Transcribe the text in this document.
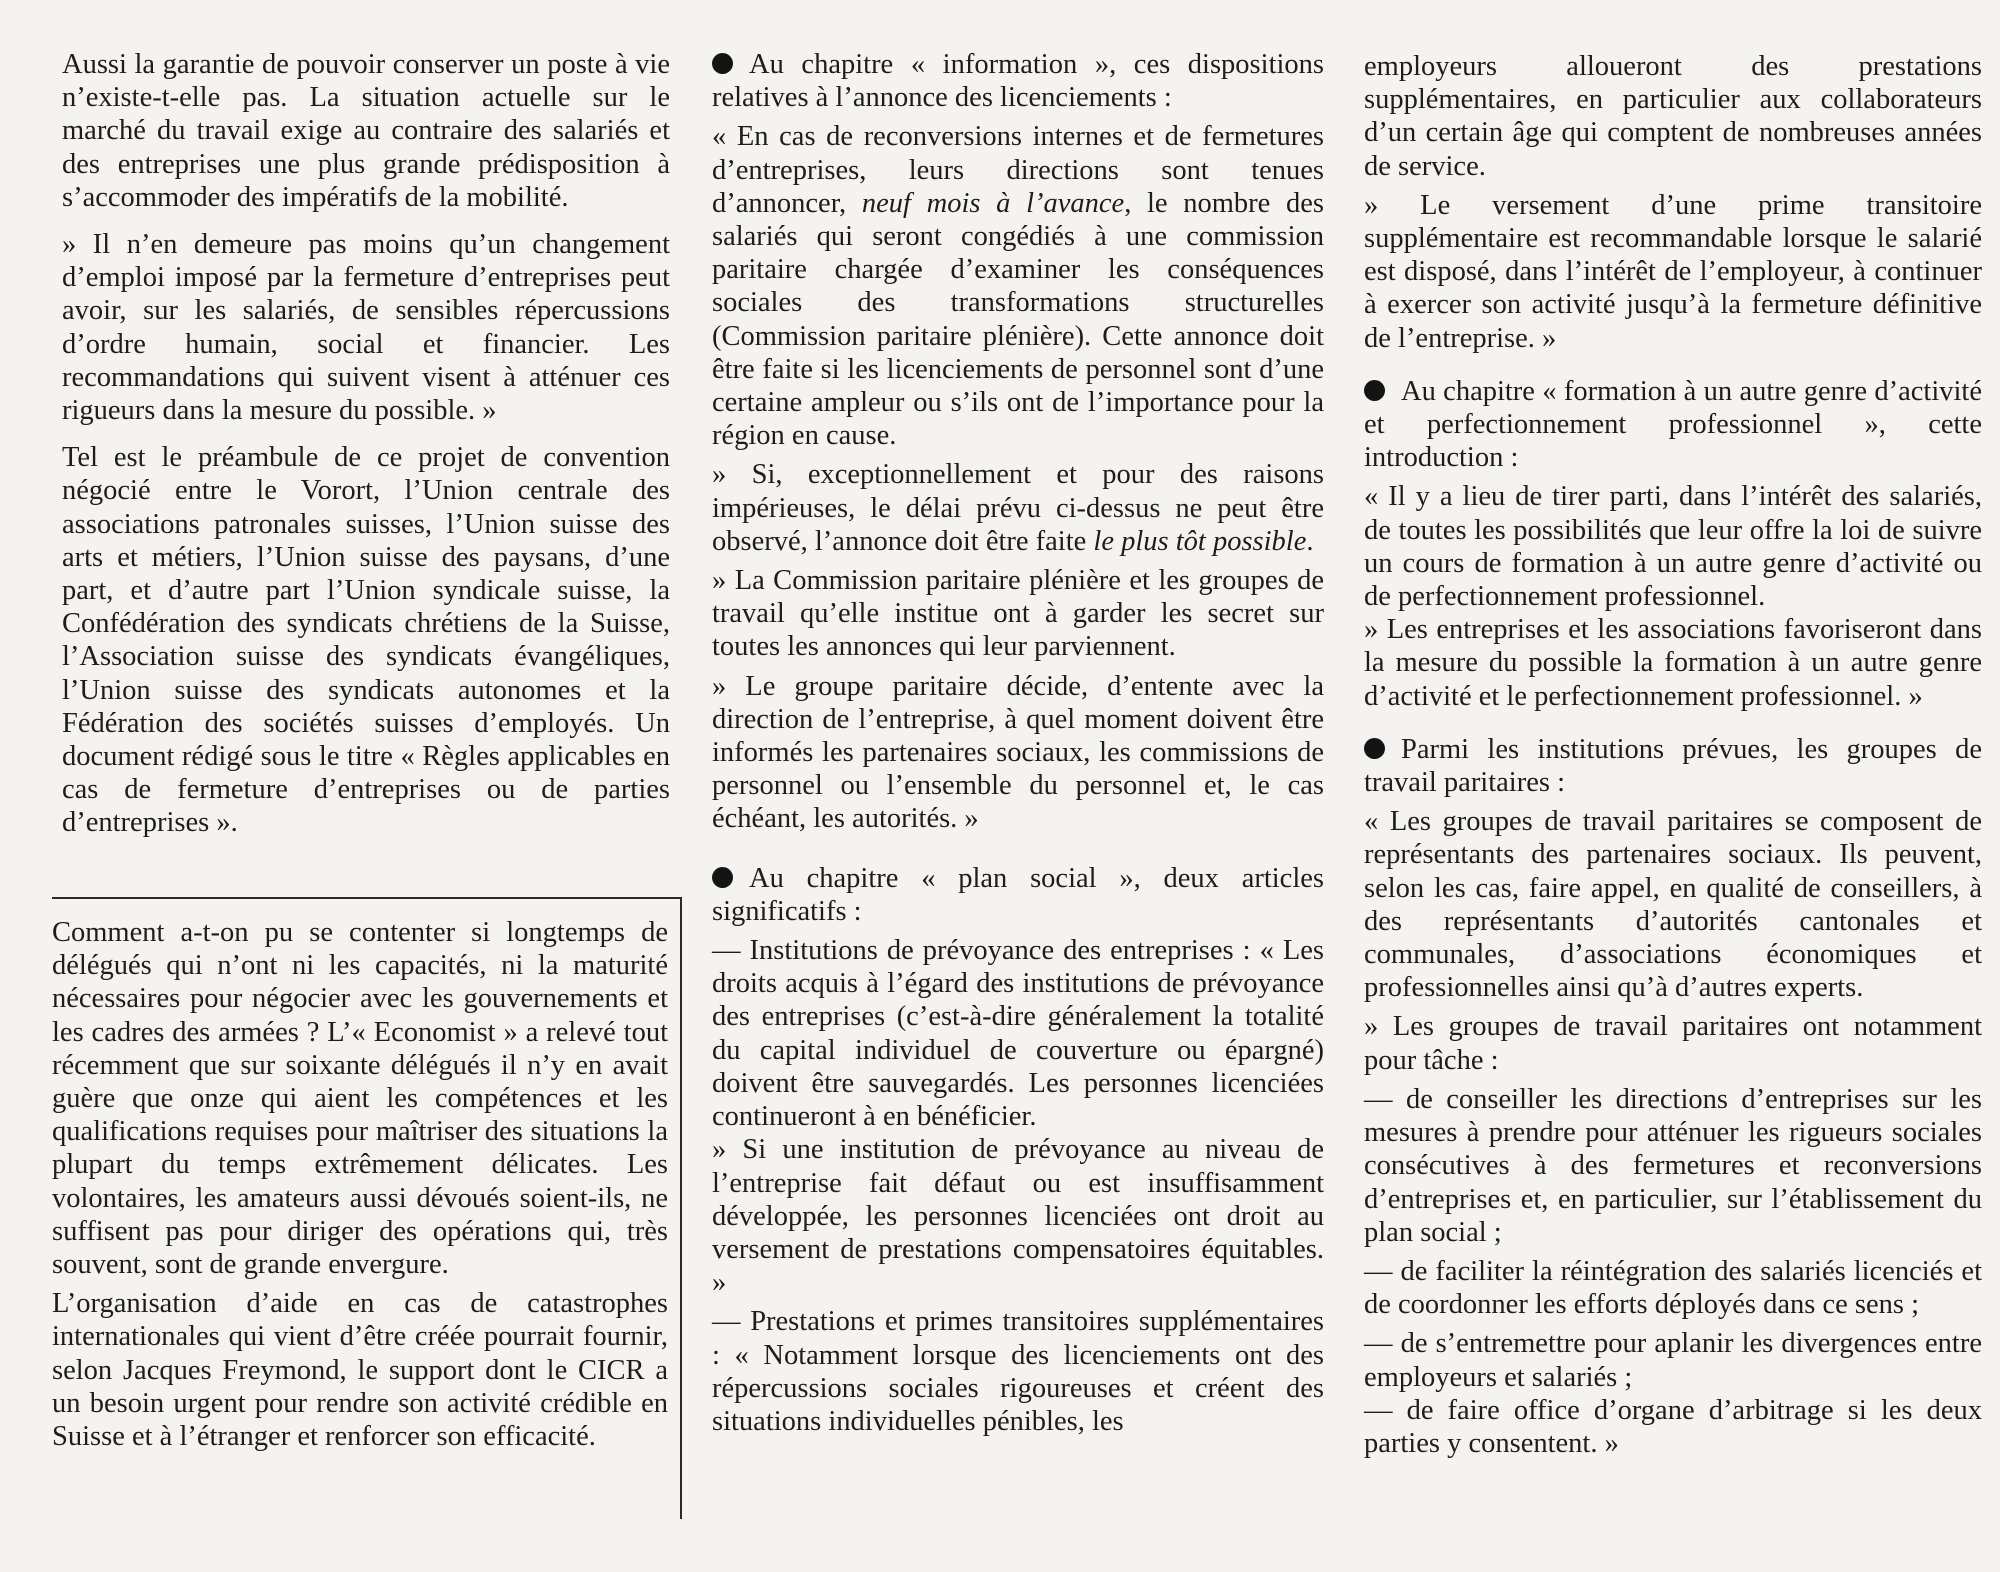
Aussi la garantie de pouvoir conserver un poste à vie n’existe-t-elle pas. La situation actuelle sur le marché du travail exige au contraire des salariés et des entreprises une plus grande prédisposition à s’accommoder des impératifs de la mobilité.

» Il n’en demeure pas moins qu’un changement d’emploi imposé par la fermeture d’entreprises peut avoir, sur les salariés, de sensibles répercussions d’ordre humain, social et financier. Les recommandations qui suivent visent à atténuer ces rigueurs dans la mesure du possible. »

Tel est le préambule de ce projet de convention négocié entre le Vorort, l’Union centrale des associations patronales suisses, l’Union suisse des arts et métiers, l’Union suisse des paysans, d’une part, et d’autre part l’Union syndicale suisse, la Confédération des syndicats chrétiens de la Suisse, l’Association suisse des syndicats évangéliques, l’Union suisse des syndicats autonomes et la Fédération des sociétés suisses d’employés. Un document rédigé sous le titre « Règles applicables en cas de fermeture d’entreprises ou de parties d’entreprises ».

Comment a-t-on pu se contenter si longtemps de délégués qui n’ont ni les capacités, ni la maturité nécessaires pour négocier avec les gouvernements et les cadres des armées ? L’« Economist » a relevé tout récemment que sur soixante délégués il n’y en avait guère que onze qui aient les compétences et les qualifications requises pour maîtriser des situations la plupart du temps extrêmement délicates. Les volontaires, les amateurs aussi dévoués soient-ils, ne suffisent pas pour diriger des opérations qui, très souvent, sont de grande envergure.

L’organisation d’aide en cas de catastrophes internationales qui vient d’être créée pourrait fournir, selon Jacques Freymond, le support dont le CICR a un besoin urgent pour rendre son activité crédible en Suisse et à l’étranger et renforcer son efficacité.

Au chapitre « information », ces dispositions relatives à l’annonce des licenciements :

« En cas de reconversions internes et de fermetures d’entreprises, leurs directions sont tenues d’annoncer, neuf mois à l’avance, le nombre des salariés qui seront congédiés à une commission paritaire chargée d’examiner les conséquences sociales des transformations structurelles (Commission paritaire plénière). Cette annonce doit être faite si les licenciements de personnel sont d’une certaine ampleur ou s’ils ont de l’importance pour la région en cause.

» Si, exceptionnellement et pour des raisons impérieuses, le délai prévu ci-dessus ne peut être observé, l’annonce doit être faite le plus tôt possible.

» La Commission paritaire plénière et les groupes de travail qu’elle institue ont à garder les secret sur toutes les annonces qui leur parviennent.

» Le groupe paritaire décide, d’entente avec la direction de l’entreprise, à quel moment doivent être informés les partenaires sociaux, les commissions de personnel ou l’ensemble du personnel et, le cas échéant, les autorités. »

Au chapitre « plan social », deux articles significatifs :

— Institutions de prévoyance des entreprises : « Les droits acquis à l’égard des institutions de prévoyance des entreprises (c’est-à-dire généralement la totalité du capital individuel de couverture ou épargné) doivent être sauvegardés. Les personnes licenciées continueront à en bénéficier.

» Si une institution de prévoyance au niveau de l’entreprise fait défaut ou est insuffisamment développée, les personnes licenciées ont droit au versement de prestations compensatoires équitables. »

— Prestations et primes transitoires supplémentaires : « Notamment lorsque des licenciements ont des répercussions sociales rigoureuses et créent des situations individuelles pénibles, les

employeurs alloueront des prestations supplémentaires, en particulier aux collaborateurs d’un certain âge qui comptent de nombreuses années de service.

» Le versement d’une prime transitoire supplémentaire est recommandable lorsque le salarié est disposé, dans l’intérêt de l’employeur, à continuer à exercer son activité jusqu’à la fermeture définitive de l’entreprise. »

Au chapitre « formation à un autre genre d’activité et perfectionnement professionnel », cette introduction :

« Il y a lieu de tirer parti, dans l’intérêt des salariés, de toutes les possibilités que leur offre la loi de suivre un cours de formation à un autre genre d’activité ou de perfectionnement professionnel.

» Les entreprises et les associations favoriseront dans la mesure du possible la formation à un autre genre d’activité et le perfectionnement professionnel. »

Parmi les institutions prévues, les groupes de travail paritaires :

« Les groupes de travail paritaires se composent de représentants des partenaires sociaux. Ils peuvent, selon les cas, faire appel, en qualité de conseillers, à des représentants d’autorités cantonales et communales, d’associations économiques et professionnelles ainsi qu’à d’autres experts.

» Les groupes de travail paritaires ont notamment pour tâche :

— de conseiller les directions d’entreprises sur les mesures à prendre pour atténuer les rigueurs sociales consécutives à des fermetures et reconversions d’entreprises et, en particulier, sur l’établissement du plan social ;

— de faciliter la réintégration des salariés licenciés et de coordonner les efforts déployés dans ce sens ;

— de s’entremettre pour aplanir les divergences entre employeurs et salariés ;

— de faire office d’organe d’arbitrage si les deux parties y consentent. »
